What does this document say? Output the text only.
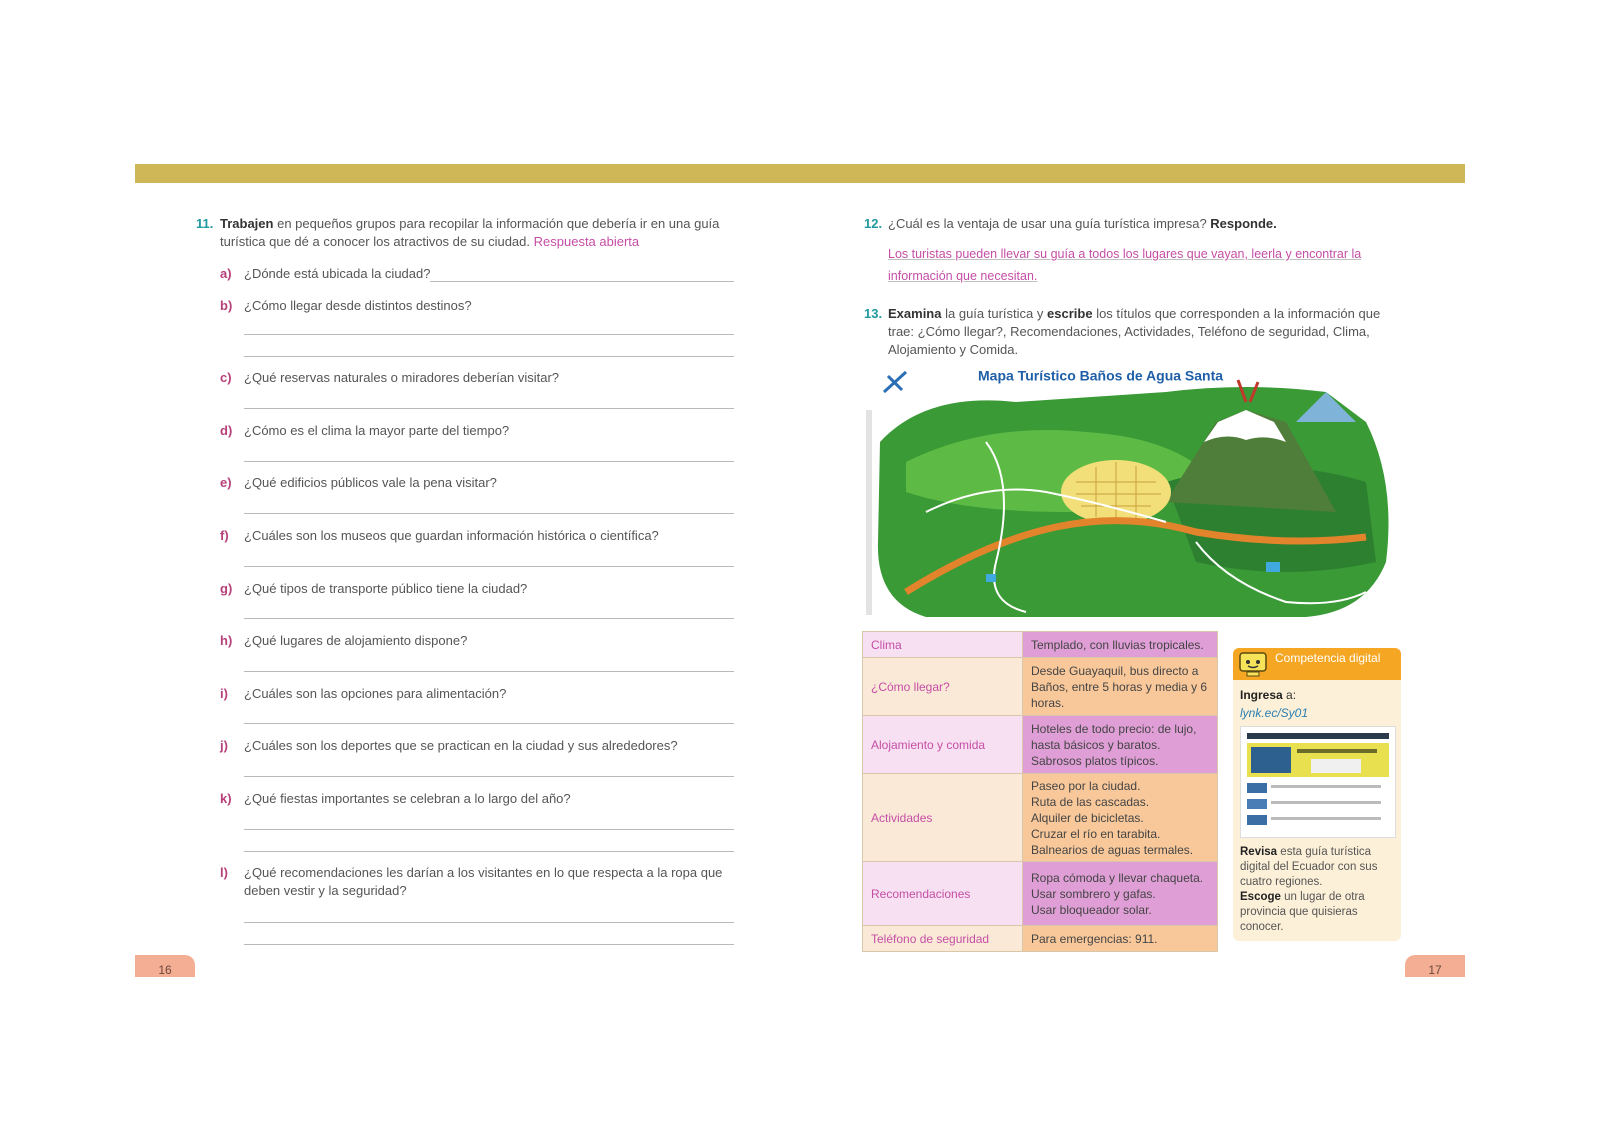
11. Trabajen en pequeños grupos para recopilar la información que debería ir en una guía turística que dé a conocer los atractivos de su ciudad. Respuesta abierta
a) ¿Dónde está ubicada la ciudad?
b) ¿Cómo llegar desde distintos destinos?
c) ¿Qué reservas naturales o miradores deberían visitar?
d) ¿Cómo es el clima la mayor parte del tiempo?
e) ¿Qué edificios públicos vale la pena visitar?
f) ¿Cuáles son los museos que guardan información histórica o científica?
g) ¿Qué tipos de transporte público tiene la ciudad?
h) ¿Qué lugares de alojamiento dispone?
i) ¿Cuáles son las opciones para alimentación?
j) ¿Cuáles son los deportes que se practican en la ciudad y sus alrededores?
k) ¿Qué fiestas importantes se celebran a lo largo del año?
l) ¿Qué recomendaciones les darían a los visitantes en lo que respecta a la ropa que deben vestir y la seguridad?
16
12. ¿Cuál es la ventaja de usar una guía turística impresa? Responde.
Los turistas pueden llevar su guía a todos los lugares que vayan, leerla y encontrar la información que necesitan.
13. Examina la guía turística y escribe los títulos que corresponden a la información que trae: ¿Cómo llegar?, Recomendaciones, Actividades, Teléfono de seguridad, Clima, Alojamiento y Comida.
Mapa Turístico Baños de Agua Santa
Clima	Templado, con lluvias tropicales.
¿Cómo llegar?	Desde Guayaquil, bus directo a Baños, entre 5 horas y media y 6 horas.
Alojamiento y comida	Hoteles de todo precio: de lujo, hasta básicos y baratos. Sabrosos platos típicos.
Actividades	Paseo por la ciudad.
Ruta de las cascadas.
Alquiler de bicicletas.
Cruzar el río en tarabita.
Balnearios de aguas termales.
Recomendaciones	Ropa cómoda y llevar chaqueta.
Usar sombrero y gafas.
Usar bloqueador solar.
Teléfono de seguridad	Para emergencias: 911.
Competencia digital
Ingresa a:
lynk.ec/Sy01
Revisa esta guía turística digital del Ecuador con sus cuatro regiones.
Escoge un lugar de otra provincia que quisieras conocer.
17
